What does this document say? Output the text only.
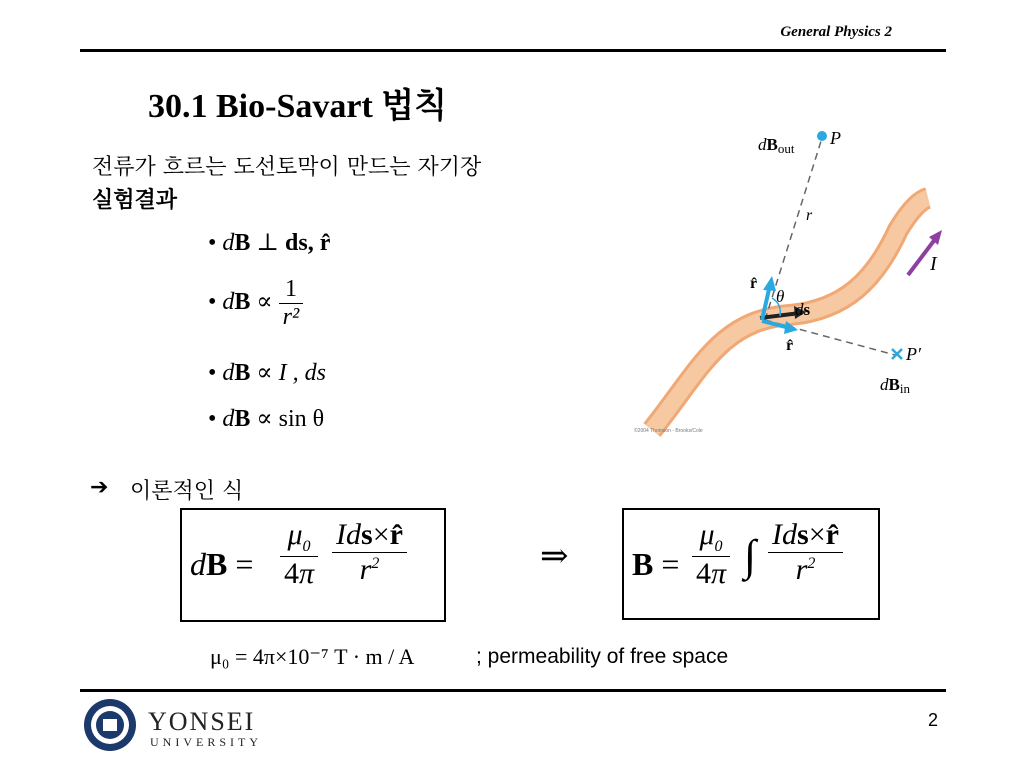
General Physics 2
30.1 Bio-Savart 법칙
전류가 흐르는 도선토막이 만드는 자기장
실험결과
• dB ⊥ ds, r̂
• dB ∝ $\frac{1}{\text{r²}}$
• dB ∝ I , ds
• dB ∝ sin θ
➔ 이론적인 식
dB = $\frac{\mu_0}{4\pi} \frac{\text{Ids×r̂}}{r^2}$	⇒ $B = \frac{\mu_0}{4\pi}$ ∫ $\frac{\text{Ids×r̂}}{r^2}$
μ₀ = 4π×10⁻⁷ T · m / A	; permeability of free space
dBout
P
r
I
r̂
θ
ds
r̂	P′
dBin
©2004 Thomson - Brooks/Cole
YONSEI
UNIVERSITY
2
